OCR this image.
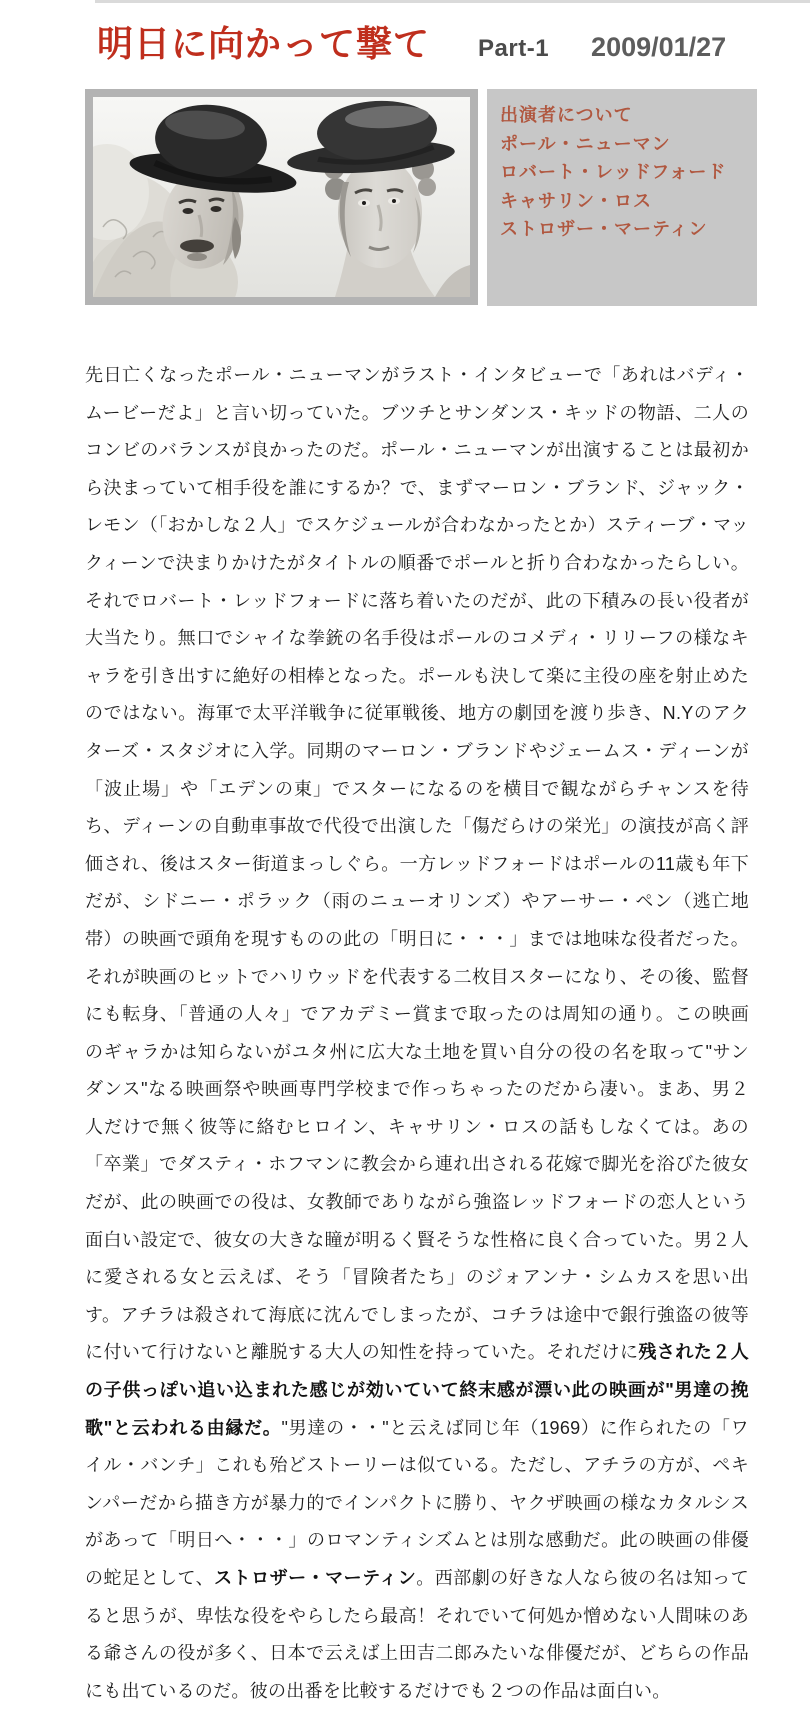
明日に向かって撃て Part-1 2009/01/27
出演者について
ポール・ニューマン
ロバート・レッドフォード
キャサリン・ロス
ストロザー・マーティン

先日亡くなったポール・ニューマンがラスト・インタビューで「あれはバディ・ムービーだよ」と言い切っていた。ブツチとサンダンス・キッドの物語、二人のコンビのバランスが良かったのだ。ポール・ニューマンが出演することは最初から決まっていて相手役を誰にするか？で、まずマーロン・ブランド、ジャック・レモン（「おかしな２人」でスケジュールが合わなかったとか）スティーブ・マックィーンで決まりかけたがタイトルの順番でポールと折り合わなかったらしい。それでロバート・レッドフォードに落ち着いたのだが、此の下積みの長い役者が大当たり。無口でシャイな拳銃の名手役はポールのコメディ・リリーフの様なキャラを引き出すに絶好の相棒となった。ポールも決して楽に主役の座を射止めたのではない。海軍で太平洋戦争に従軍戦後、地方の劇団を渡り歩き、N.Yのアクターズ・スタジオに入学。同期のマーロン・ブランドやジェームス・ディーンが「波止場」や「エデンの東」でスターになるのを横目で観ながらチャンスを待ち、ディーンの自動車事故で代役で出演した「傷だらけの栄光」の演技が高く評価され、後はスター街道まっしぐら。一方レッドフォードはポールの11歳も年下だが、シドニー・ポラック（雨のニューオリンズ）やアーサー・ペン（逃亡地帯）の映画で頭角を現すものの此の「明日に・・・」までは地味な役者だった。それが映画のヒットでハリウッドを代表する二枚目スターになり、その後、監督にも転身、「普通の人々」でアカデミー賞まで取ったのは周知の通り。この映画のギャラかは知らないがユタ州に広大な土地を買い自分の役の名を取って"サンダンス"なる映画祭や映画専門学校まで作っちゃったのだから凄い。まあ、男２人だけで無く彼等に絡むヒロイン、キャサリン・ロスの話もしなくては。あの「卒業」でダスティ・ホフマンに教会から連れ出される花嫁で脚光を浴びた彼女だが、此の映画での役は、女教師でありながら強盗レッドフォードの恋人という面白い設定で、彼女の大きな瞳が明るく賢そうな性格に良く合っていた。男２人に愛される女と云えば、そう「冒険者たち」のジォアンナ・シムカスを思い出す。アチラは殺されて海底に沈んでしまったが、コチラは途中で銀行強盗の彼等に付いて行けないと離脱する大人の知性を持っていた。それだけに残された２人の子供っぽい追い込まれた感じが効いていて終末感が漂い此の映画が"男達の挽歌"と云われる由縁だ。"男達の・・"と云えば同じ年（1969）に作られたの「ワイル・バンチ」これも殆どストーリーは似ている。ただし、アチラの方が、ペキンパーだから描き方が暴力的でインパクトに勝り、ヤクザ映画の様なカタルシスがあって「明日へ・・・」のロマンティシズムとは別な感動だ。此の映画の俳優の蛇足として、ストロザー・マーティン。西部劇の好きな人なら彼の名は知ってると思うが、卑怯な役をやらしたら最高！それでいて何処か憎めない人間味のある爺さんの役が多く、日本で云えば上田吉二郎みたいな俳優だが、どちらの作品にも出ているのだ。彼の出番を比較するだけでも２つの作品は面白い。
